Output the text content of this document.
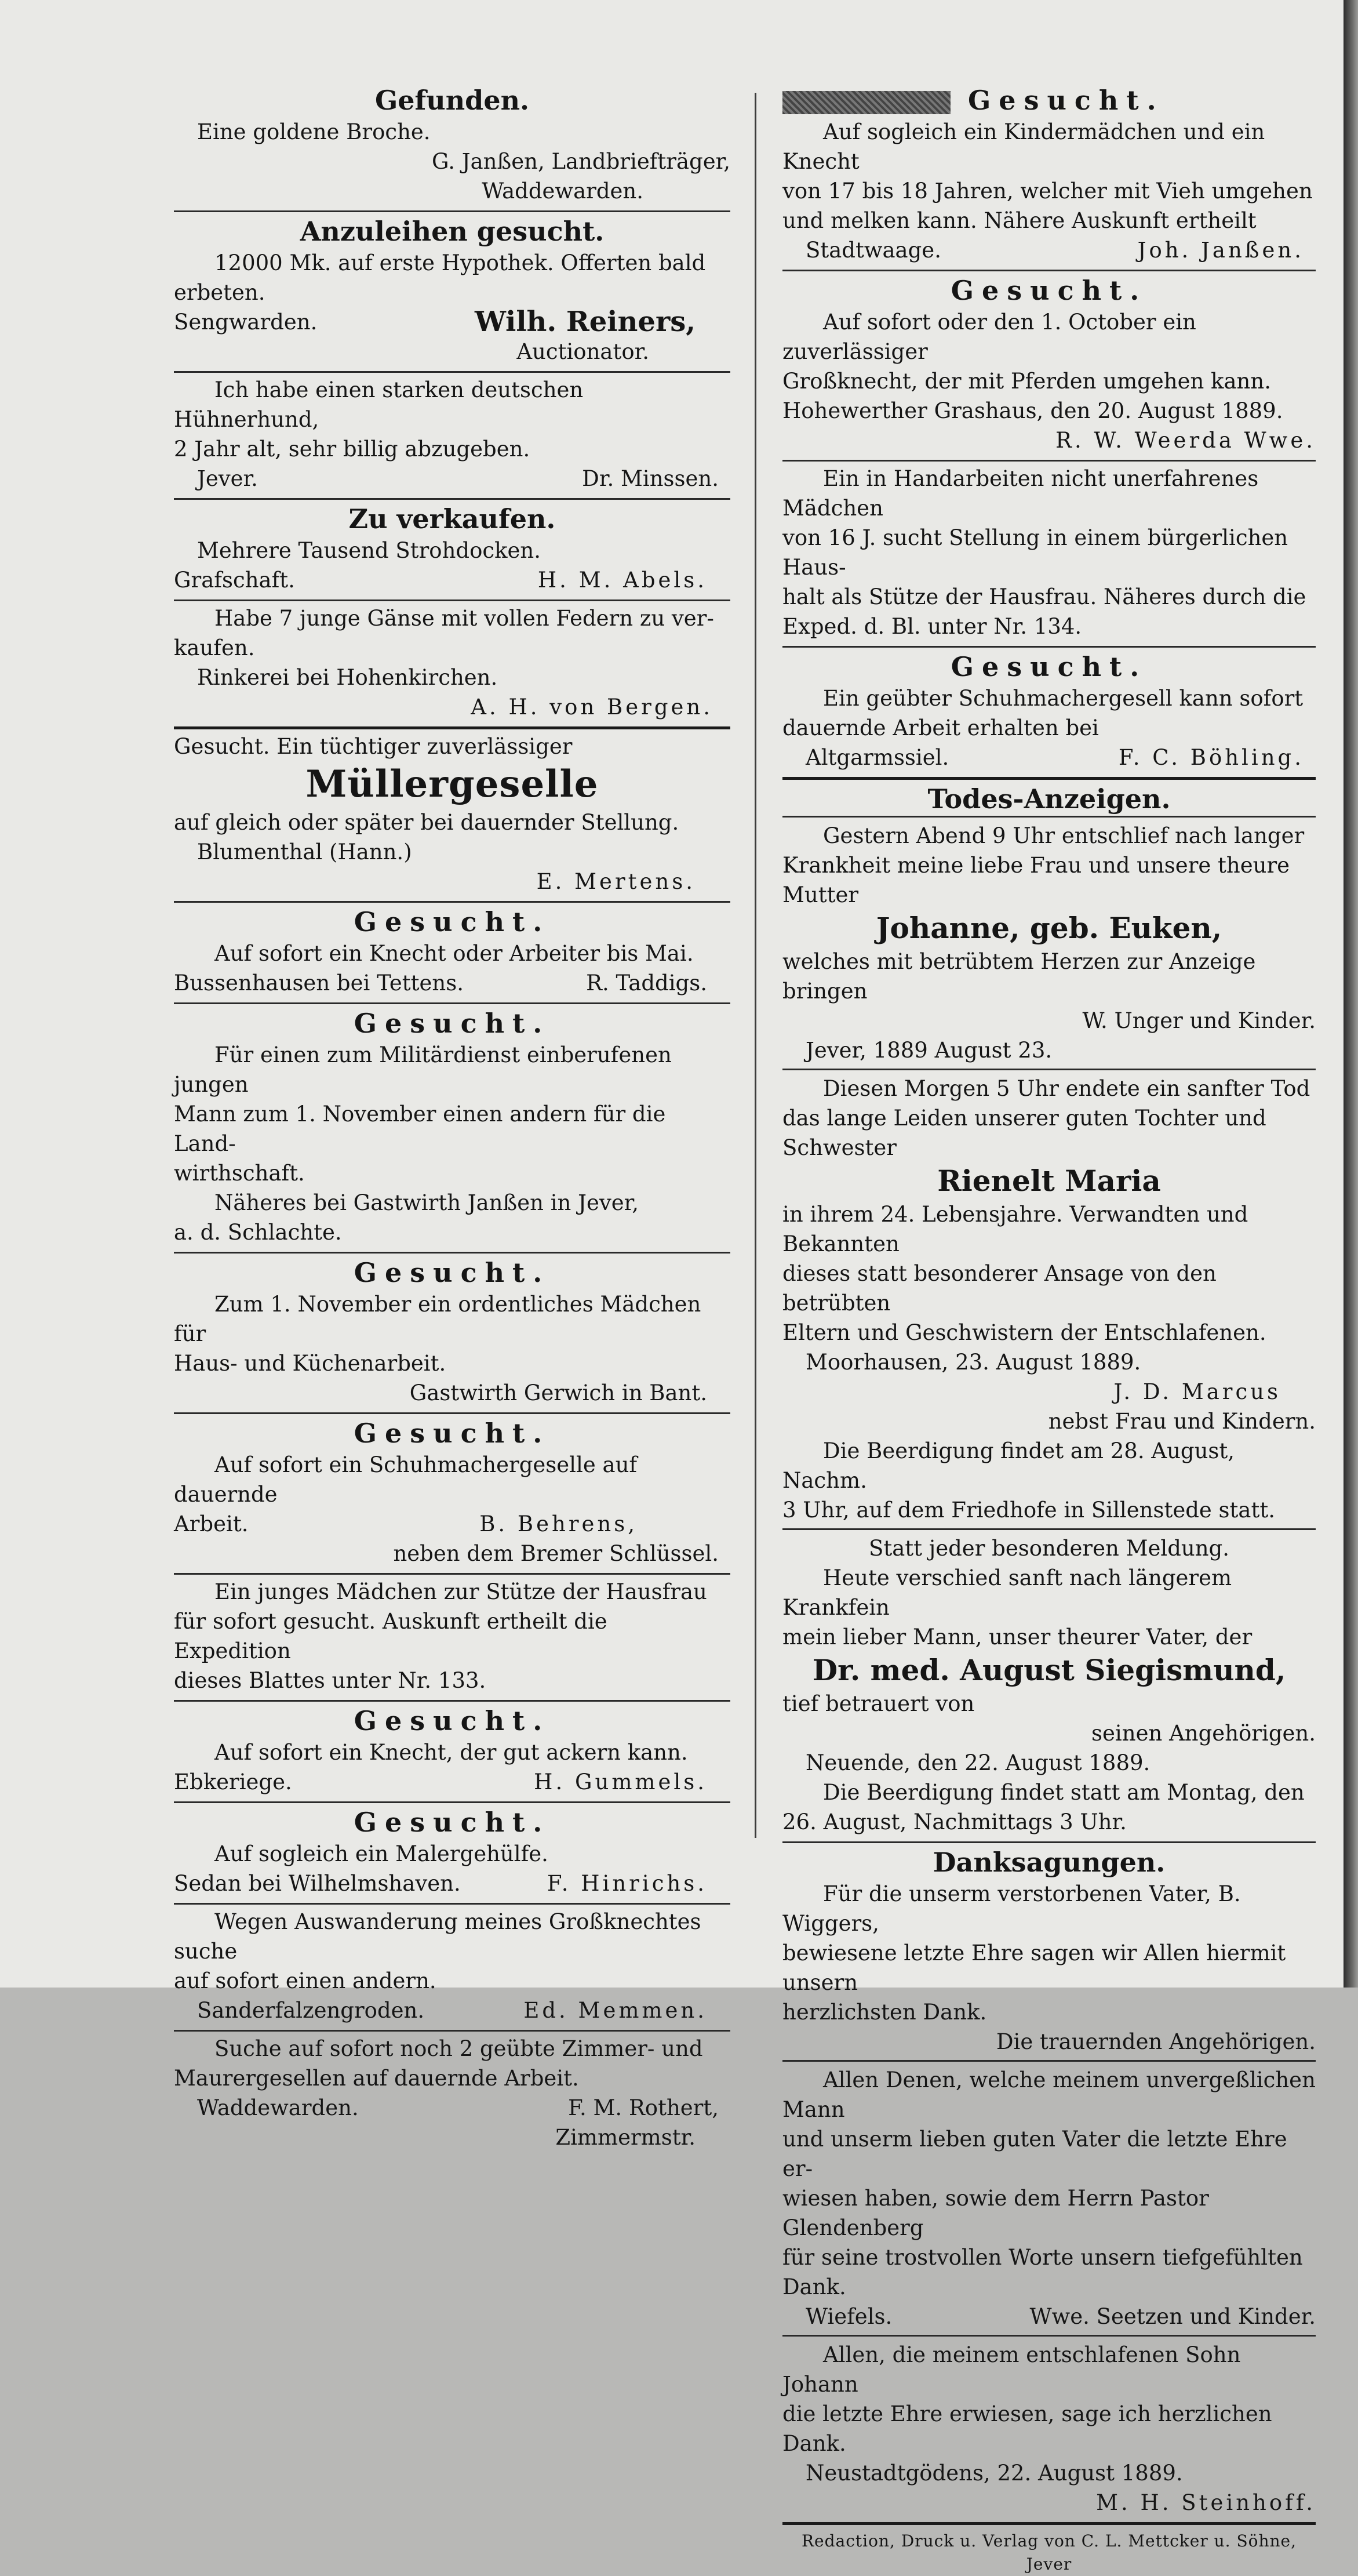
Gefunden.
Eine goldene Broche.
G. Janßen, Landbriefträger,
Waddewarden.
Anzuleihen gesucht.
12000 Mk. auf erste Hypothek. Offerten bald
erbeten.
Sengwarden.	Wilh. Reiners,
Auctionator.
Ich habe einen starken deutschen Hühnerhund,
2 Jahr alt, sehr billig abzugeben.
Jever.	Dr. Minssen.
Zu verkaufen.
Mehrere Tausend Strohdocken.
Grafschaft.	H. M. Abels.
Habe 7 junge Gänse mit vollen Federn zu ver-
kaufen.
Rinkerei bei Hohenkirchen.
A. H. von Bergen.
Gesucht. Ein tüchtiger zuverlässiger
Müllergeselle
auf gleich oder später bei dauernder Stellung.
Blumenthal (Hann.)
E. Mertens.
Gesucht.
Auf sofort ein Knecht oder Arbeiter bis Mai.
Bussenhausen bei Tettens.	R. Taddigs.
Gesucht.
Für einen zum Militärdienst einberufenen jungen
Mann zum 1. November einen andern für die Land-
wirthschaft.
Näheres bei Gastwirth Janßen in Jever,
a. d. Schlachte.
Gesucht.
Zum 1. November ein ordentliches Mädchen für
Haus- und Küchenarbeit.
Gastwirth Gerwich in Bant.
Gesucht.
Auf sofort ein Schuhmachergeselle auf dauernde
Arbeit.	B. Behrens,
neben dem Bremer Schlüssel.
Ein junges Mädchen zur Stütze der Hausfrau
für sofort gesucht. Auskunft ertheilt die Expedition
dieses Blattes unter Nr. 133.
Gesucht.
Auf sofort ein Knecht, der gut ackern kann.
Ebkeriege.	H. Gummels.
Gesucht.
Auf sogleich ein Malergehülfe.
Sedan bei Wilhelmshaven.	F. Hinrichs.
Wegen Auswanderung meines Großknechtes suche
auf sofort einen andern.
Sanderfalzengroden.	Ed. Memmen.
Suche auf sofort noch 2 geübte Zimmer- und
Maurergesellen auf dauernde Arbeit.
Waddewarden.	F. M. Rothert,
Zimmermstr.
Gesucht.
Auf sogleich ein Kindermädchen und ein Knecht
von 17 bis 18 Jahren, welcher mit Vieh umgehen
und melken kann. Nähere Auskunft ertheilt
Stadtwaage.	Joh. Janßen.
Gesucht.
Auf sofort oder den 1. October ein zuverlässiger
Großknecht, der mit Pferden umgehen kann.
Hohewerther Grashaus, den 20. August 1889.
R. W. Weerda Wwe.
Ein in Handarbeiten nicht unerfahrenes Mädchen
von 16 J. sucht Stellung in einem bürgerlichen Haus-
halt als Stütze der Hausfrau. Näheres durch die
Exped. d. Bl. unter Nr. 134.
Gesucht.
Ein geübter Schuhmachergesell kann sofort
dauernde Arbeit erhalten bei
Altgarmssiel.	F. C. Böhling.
Todes-Anzeigen.
Gestern Abend 9 Uhr entschlief nach langer
Krankheit meine liebe Frau und unsere theure Mutter
Johanne, geb. Euken,
welches mit betrübtem Herzen zur Anzeige bringen
W. Unger und Kinder.
Jever, 1889 August 23.
Diesen Morgen 5 Uhr endete ein sanfter Tod
das lange Leiden unserer guten Tochter und Schwester
Rienelt Maria
in ihrem 24. Lebensjahre. Verwandten und Bekannten
dieses statt besonderer Ansage von den betrübten
Eltern und Geschwistern der Entschlafenen.
Moorhausen, 23. August 1889.
J. D. Marcus
nebst Frau und Kindern.
Die Beerdigung findet am 28. August, Nachm.
3 Uhr, auf dem Friedhofe in Sillenstede statt.
Statt jeder besonderen Meldung.
Heute verschied sanft nach längerem Krankfein
mein lieber Mann, unser theurer Vater, der
Dr. med. August Siegismund,
tief betrauert von
seinen Angehörigen.
Neuende, den 22. August 1889.
Die Beerdigung findet statt am Montag, den
26. August, Nachmittags 3 Uhr.
Danksagungen.
Für die unserm verstorbenen Vater, B. Wiggers,
bewiesene letzte Ehre sagen wir Allen hiermit unsern
herzlichsten Dank.
Die trauernden Angehörigen.
Allen Denen, welche meinem unvergeßlichen Mann
und unserm lieben guten Vater die letzte Ehre er-
wiesen haben, sowie dem Herrn Pastor Glendenberg
für seine trostvollen Worte unsern tiefgefühlten Dank.
Wiefels.	Wwe. Seetzen und Kinder.
Allen, die meinem entschlafenen Sohn Johann
die letzte Ehre erwiesen, sage ich herzlichen Dank.
Neustadtgödens, 22. August 1889.
M. H. Steinhoff.
Redaction, Druck u. Verlag von C. L. Mettcker u. Söhne, Jever
